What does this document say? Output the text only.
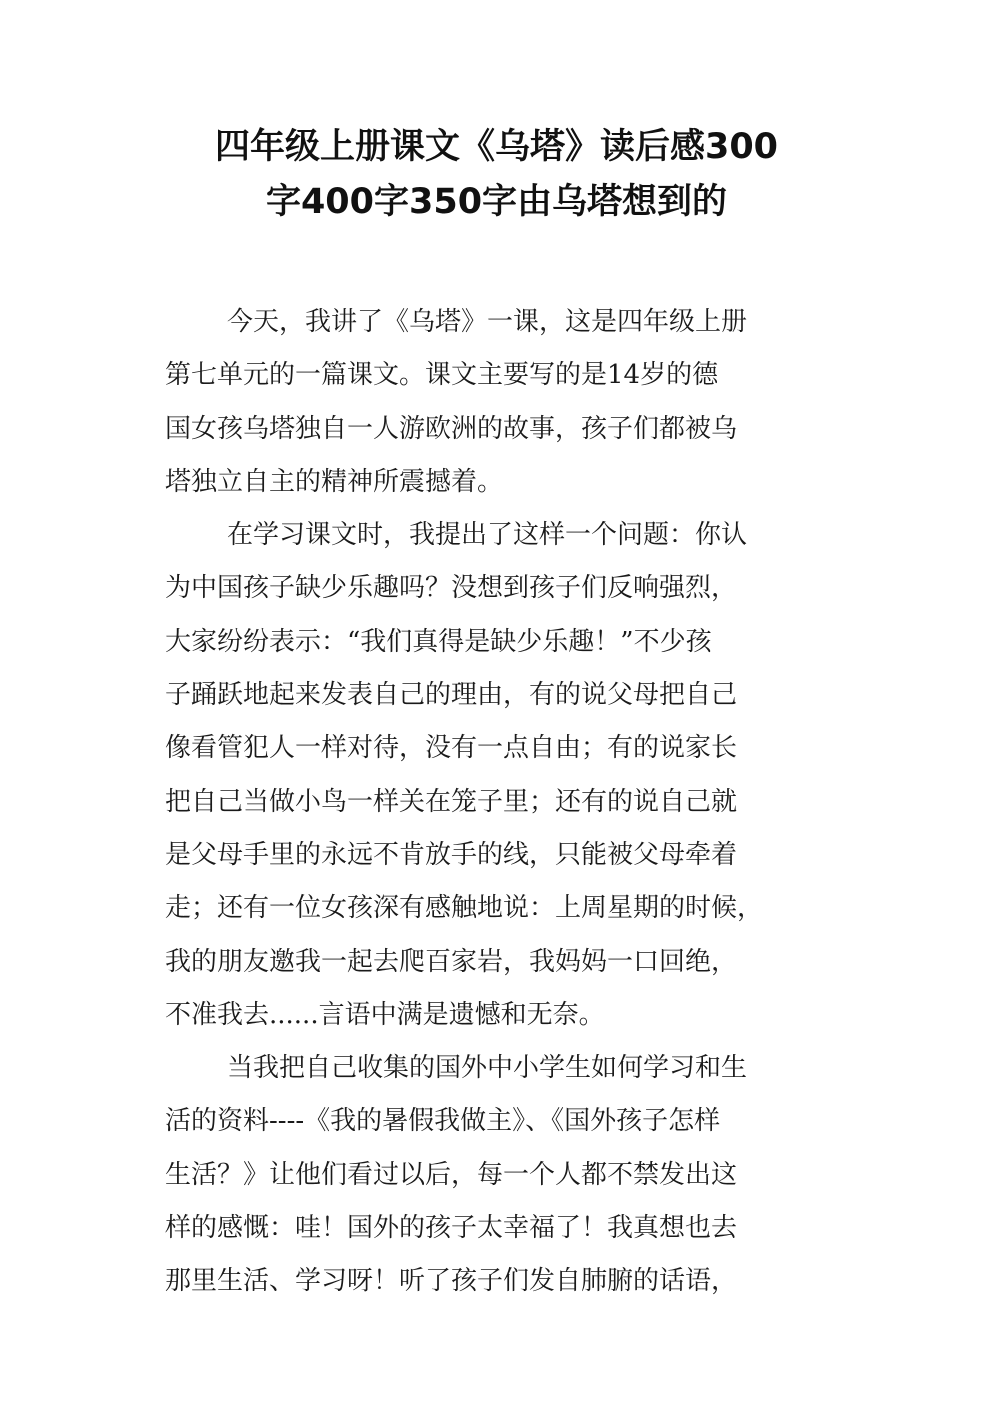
四年级上册课文《乌塔》读后感300
字400字350字由乌塔想到的
今天，我讲了《乌塔》一课，这是四年级上册
第七单元的一篇课文。课文主要写的是14岁的德
国女孩乌塔独自一人游欧洲的故事，孩子们都被乌
塔独立自主的精神所震撼着。
在学习课文时，我提出了这样一个问题：你认
为中国孩子缺少乐趣吗？没想到孩子们反响强烈，
大家纷纷表示：“我们真得是缺少乐趣！”不少孩
子踊跃地起来发表自己的理由，有的说父母把自己
像看管犯人一样对待，没有一点自由；有的说家长
把自己当做小鸟一样关在笼子里；还有的说自己就
是父母手里的永远不肯放手的线，只能被父母牵着
走；还有一位女孩深有感触地说：上周星期的时候，
我的朋友邀我一起去爬百家岩，我妈妈一口回绝，
不准我去......言语中满是遗憾和无奈。
当我把自己收集的国外中小学生如何学习和生
活的资料----《我的暑假我做主》、《国外孩子怎样
生活？》让他们看过以后，每一个人都不禁发出这
样的感慨：哇！国外的孩子太幸福了！我真想也去
那里生活、学习呀！听了孩子们发自肺腑的话语，
